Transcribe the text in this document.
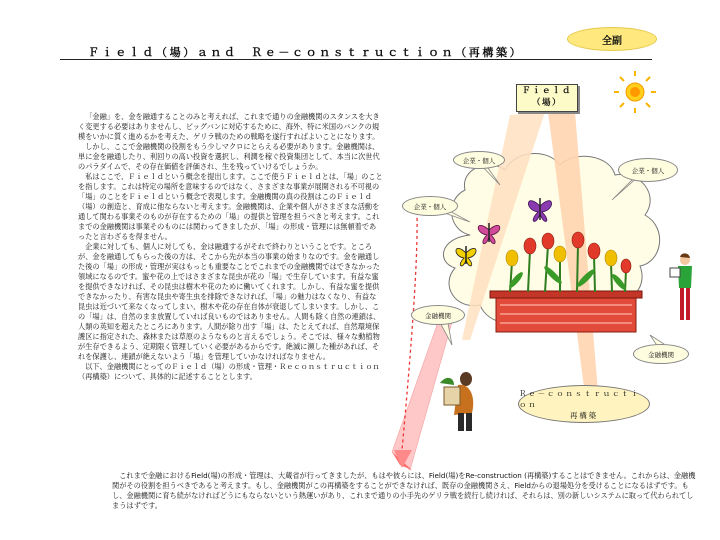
全副
Ｆｉｅｌｄ（場）ａｎｄ　Ｒｅ－ｃｏｎｓｔｒｕｃｔｉｏｎ（再構築）
Ｆｉｅｌｄ
（場）
企業・個人
企業・個人
企業・個人
金融機関
金融機関
Ｒｅ－ｃｏｎｓｔｒｕｃｔｉｏｎ
再構築

「金融」を、金を融通することのみと考えれば、これまで通りの金融機関のスタンスを大きく変更する必要はありませんし、ビッグバンに対応するために、海外、特に米国のバンクの規模をいかに質く進めるかを考えた、ゲリラ戦のための戦略を遂行すればよいことになります。

しかし、ここで金融機関の役割をもう少しマクロにとらえる必要があります。金融機関は、単に金を融通したり、利回りの高い投資を選択し、利潤を稼ぐ投資集団として、本当に次世代のパラダイムで、その存在価値を評価され、生を残っていけるでしょうか。

私はここで、Ｆｉｅｌｄという概念を提出します。ここで使うＦｉｅｌｄとは、「場」のことを指します。これは特定の場所を意味するのではなく、さまざまな事業が展開される不可視の「場」のことをＦｉｅｌｄという概念で表現します。金融機関の真の役割はこのＦｉｅｌｄ（場）の創造と、育成に他ならないと考えます。金融機関は、企業や個人がさまざまな活動を通して関わる事業そのものが存在するための「場」の提供と管理を担うべきと考えます。これまでの金融機関は事業そのものには関わってきましたが、「場」の形成・管理には無頓着であったと言わざるを得ません。

企業に対しても、個人に対しても、金は融通するがそれで終わりということです。ところが、金を融通してもらった後の方は、そこから先が本当の事業の始まりなのです。金を融通した後の「場」の形成・管理が実はもっとも重要なことでこれまでの金融機関ではできなかった領域になるのです。蜜や花の上ではさまざまな昆虫が花の「場」で生存しています。有益な蜜を提供できなければ、その昆虫は樹木や花のために働いてくれます。しかし、有益な蜜を提供できなかったり、有害な昆虫や寄生虫を排除できなければ、「場」の魅力はなくなり、有益な昆虫は近づいて来なくなってしまい、樹木や花の存在自体が衰退してしまいます。しかし、この「場」は、自然のまま放置していれば良いものではありません。人間も除く自然の連鎖は、人類の英知を超えたところにあります。人間が除り出す「場」は、たとえてれば、自然環境保護区に指定された、森林または草原のようなものと言えるでしょう。そこでは、様々な動植物が生存できるよう、定期限く管理していく必要があるからです。絶滅に瀕した種があれば、それを保護し、連鎖が絶えないよう「場」を管理していかなければなりません。

以下、金融機関にとってのＦｉｅｌｄ（場）の形成・管理・Ｒｅｃｏｎｓｔｒｕｃｔｉｏｎ（再構築）について、具体的に記述することとします。

これまで金融におけるField(場)の形成・管理は、大蔵省が行ってきましたが、もはや彼らには、Field(場)をRe-construction (再構築)することはできません。これからは、金融機関がその役割を担うべきであると考えます。もし、金融機関がこの再構築をすることができなければ、既存の金融機関さえ、Fieldからの退場処分を受けることになるはずです。もし、金融機関に育ち続がなければどうにもならないという熱運いがあり、これまで通りの小手先のゲリラ戦を続行し続ければ、それらは、別の新しいシステムに取って代わられてしまうはずです。
